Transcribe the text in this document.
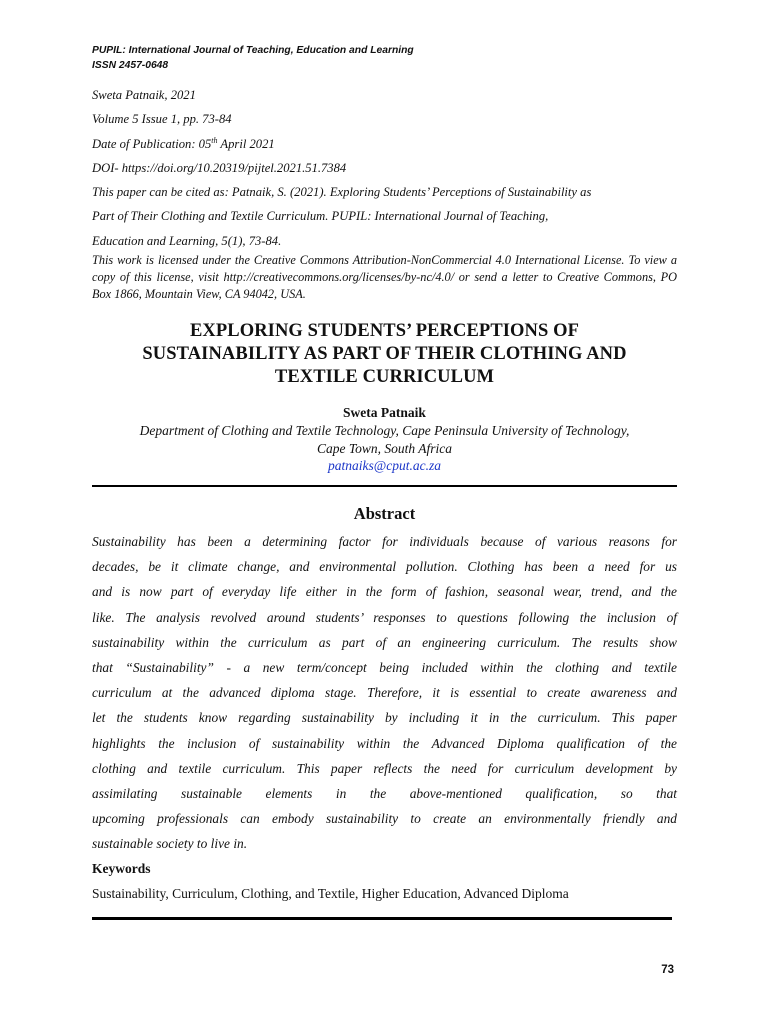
PUPIL: International Journal of Teaching, Education and Learning
ISSN 2457-0648
Sweta Patnaik, 2021
Volume 5 Issue 1, pp. 73-84
Date of Publication: 05th April 2021
DOI- https://doi.org/10.20319/pijtel.2021.51.7384
This paper can be cited as: Patnaik, S. (2021). Exploring Students’ Perceptions of Sustainability as
Part of Their Clothing and Textile Curriculum. PUPIL: International Journal of Teaching,
Education and Learning, 5(1), 73-84.
This work is licensed under the Creative Commons Attribution-NonCommercial 4.0 International License. To view a copy of this license, visit http://creativecommons.org/licenses/by-nc/4.0/ or send a letter to Creative Commons, PO Box 1866, Mountain View, CA 94042, USA.
EXPLORING STUDENTS’ PERCEPTIONS OF
SUSTAINABILITY AS PART OF THEIR CLOTHING AND
TEXTILE CURRICULUM
Sweta Patnaik
Department of Clothing and Textile Technology, Cape Peninsula University of Technology,
Cape Town, South Africa
patnaiks@cput.ac.za
Abstract
Sustainability has been a determining factor for individuals because of various reasons for
decades, be it climate change, and environmental pollution. Clothing has been a need for us
and is now part of everyday life either in the form of fashion, seasonal wear, trend, and the
like. The analysis revolved around students’ responses to questions following the inclusion of
sustainability within the curriculum as part of an engineering curriculum. The results show
that “Sustainability” - a new term/concept being included within the clothing and textile
curriculum at the advanced diploma stage. Therefore, it is essential to create awareness and
let the students know regarding sustainability by including it in the curriculum. This paper
highlights the inclusion of sustainability within the Advanced Diploma qualification of the
clothing and textile curriculum. This paper reflects the need for curriculum development by
assimilating sustainable elements in the above-mentioned qualification, so that
upcoming professionals can embody sustainability to create an environmentally friendly and
sustainable society to live in.
Keywords
Sustainability, Curriculum, Clothing, and Textile, Higher Education, Advanced Diploma
73
